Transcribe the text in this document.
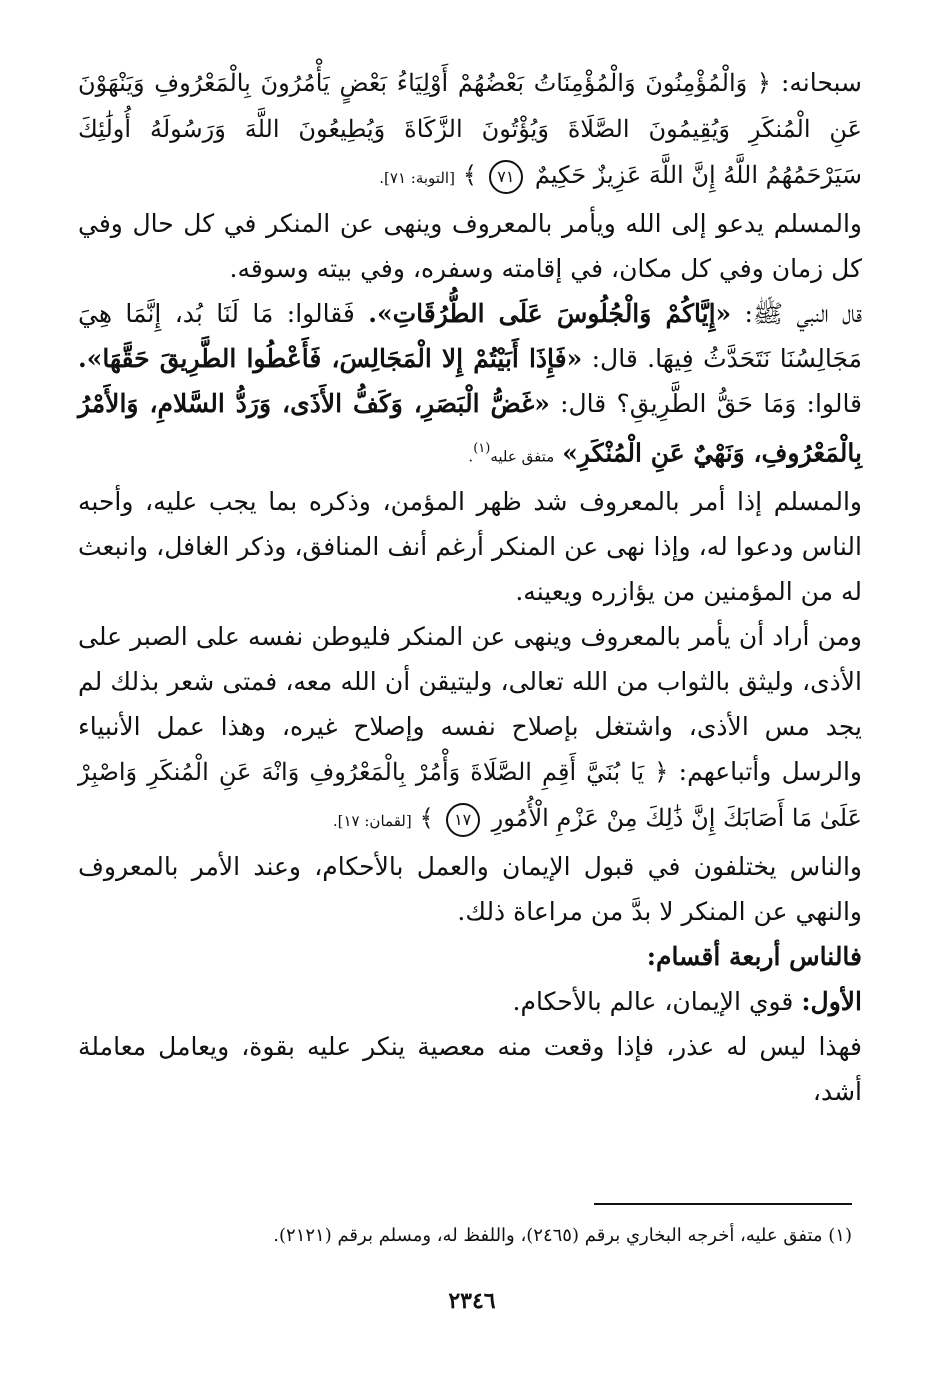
سبحانه: ﴿ وَالْمُؤْمِنُونَ وَالْمُؤْمِنَاتُ بَعْضُهُمْ أَوْلِيَاءُ بَعْضٍ يَأْمُرُونَ بِالْمَعْرُوفِ وَيَنْهَوْنَ عَنِ الْمُنكَرِ وَيُقِيمُونَ الصَّلَاةَ وَيُؤْتُونَ الزَّكَاةَ وَيُطِيعُونَ اللَّهَ وَرَسُولَهُ أُولَٰئِكَ سَيَرْحَمُهُمُ اللَّهُ إِنَّ اللَّهَ عَزِيزٌ حَكِيمٌ ٧١ ﴾ [التوبة: ٧١].

والمسلم يدعو إلى الله ويأمر بالمعروف وينهى عن المنكر في كل حال وفي كل زمان وفي كل مكان، في إقامته وسفره، وفي بيته وسوقه.

قال النبي ﷺ: «إِيَّاكُمْ وَالْجُلُوسَ عَلَى الطُّرُقَاتِ». فَقالوا: مَا لَنَا بُد، إِنَّمَا هِيَ مَجَالِسُنَا نَتَحَدَّثُ فِيهَا. قال: «فَإِذَا أَبَيْتُمْ إِلا الْمَجَالِسَ، فَأَعْطُوا الطَّرِيقَ حَقَّهَا». قالوا: وَمَا حَقُّ الطَّرِيقِ؟ قال: «غَضُّ الْبَصَرِ، وَكَفُّ الأَذَى، وَرَدُّ السَّلامِ، وَالأَمْرُ بِالْمَعْرُوفِ، وَنَهْيٌ عَنِ الْمُنْكَرِ» متفق عليه$^{(١)}$.

والمسلم إذا أمر بالمعروف شد ظهر المؤمن، وذكره بما يجب عليه، وأحبه الناس ودعوا له، وإذا نهى عن المنكر أرغم أنف المنافق، وذكر الغافل، وانبعث له من المؤمنين من يؤازره ويعينه.

ومن أراد أن يأمر بالمعروف وينهى عن المنكر فليوطن نفسه على الصبر على الأذى، وليثق بالثواب من الله تعالى، وليتيقن أن الله معه، فمتى شعر بذلك لم يجد مس الأذى، واشتغل بإصلاح نفسه وإصلاح غيره، وهذا عمل الأنبياء والرسل وأتباعهم: ﴿ يَا بُنَيَّ أَقِمِ الصَّلَاةَ وَأْمُرْ بِالْمَعْرُوفِ وَانْهَ عَنِ الْمُنكَرِ وَاصْبِرْ عَلَىٰ مَا أَصَابَكَ إِنَّ ذَٰلِكَ مِنْ عَزْمِ الْأُمُورِ ١٧ ﴾ [لقمان: ١٧].

والناس يختلفون في قبول الإيمان والعمل بالأحكام، وعند الأمر بالمعروف والنهي عن المنكر لا بدَّ من مراعاة ذلك.

فالناس أربعة أقسام:

الأول: قوي الإيمان، عالم بالأحكام.

فهذا ليس له عذر، فإذا وقعت منه معصية ينكر عليه بقوة، ويعامل معاملة أشد،

(١) متفق عليه، أخرجه البخاري برقم (٢٤٦٥)، واللفظ له، ومسلم برقم (٢١٢١).
٢٣٤٦
